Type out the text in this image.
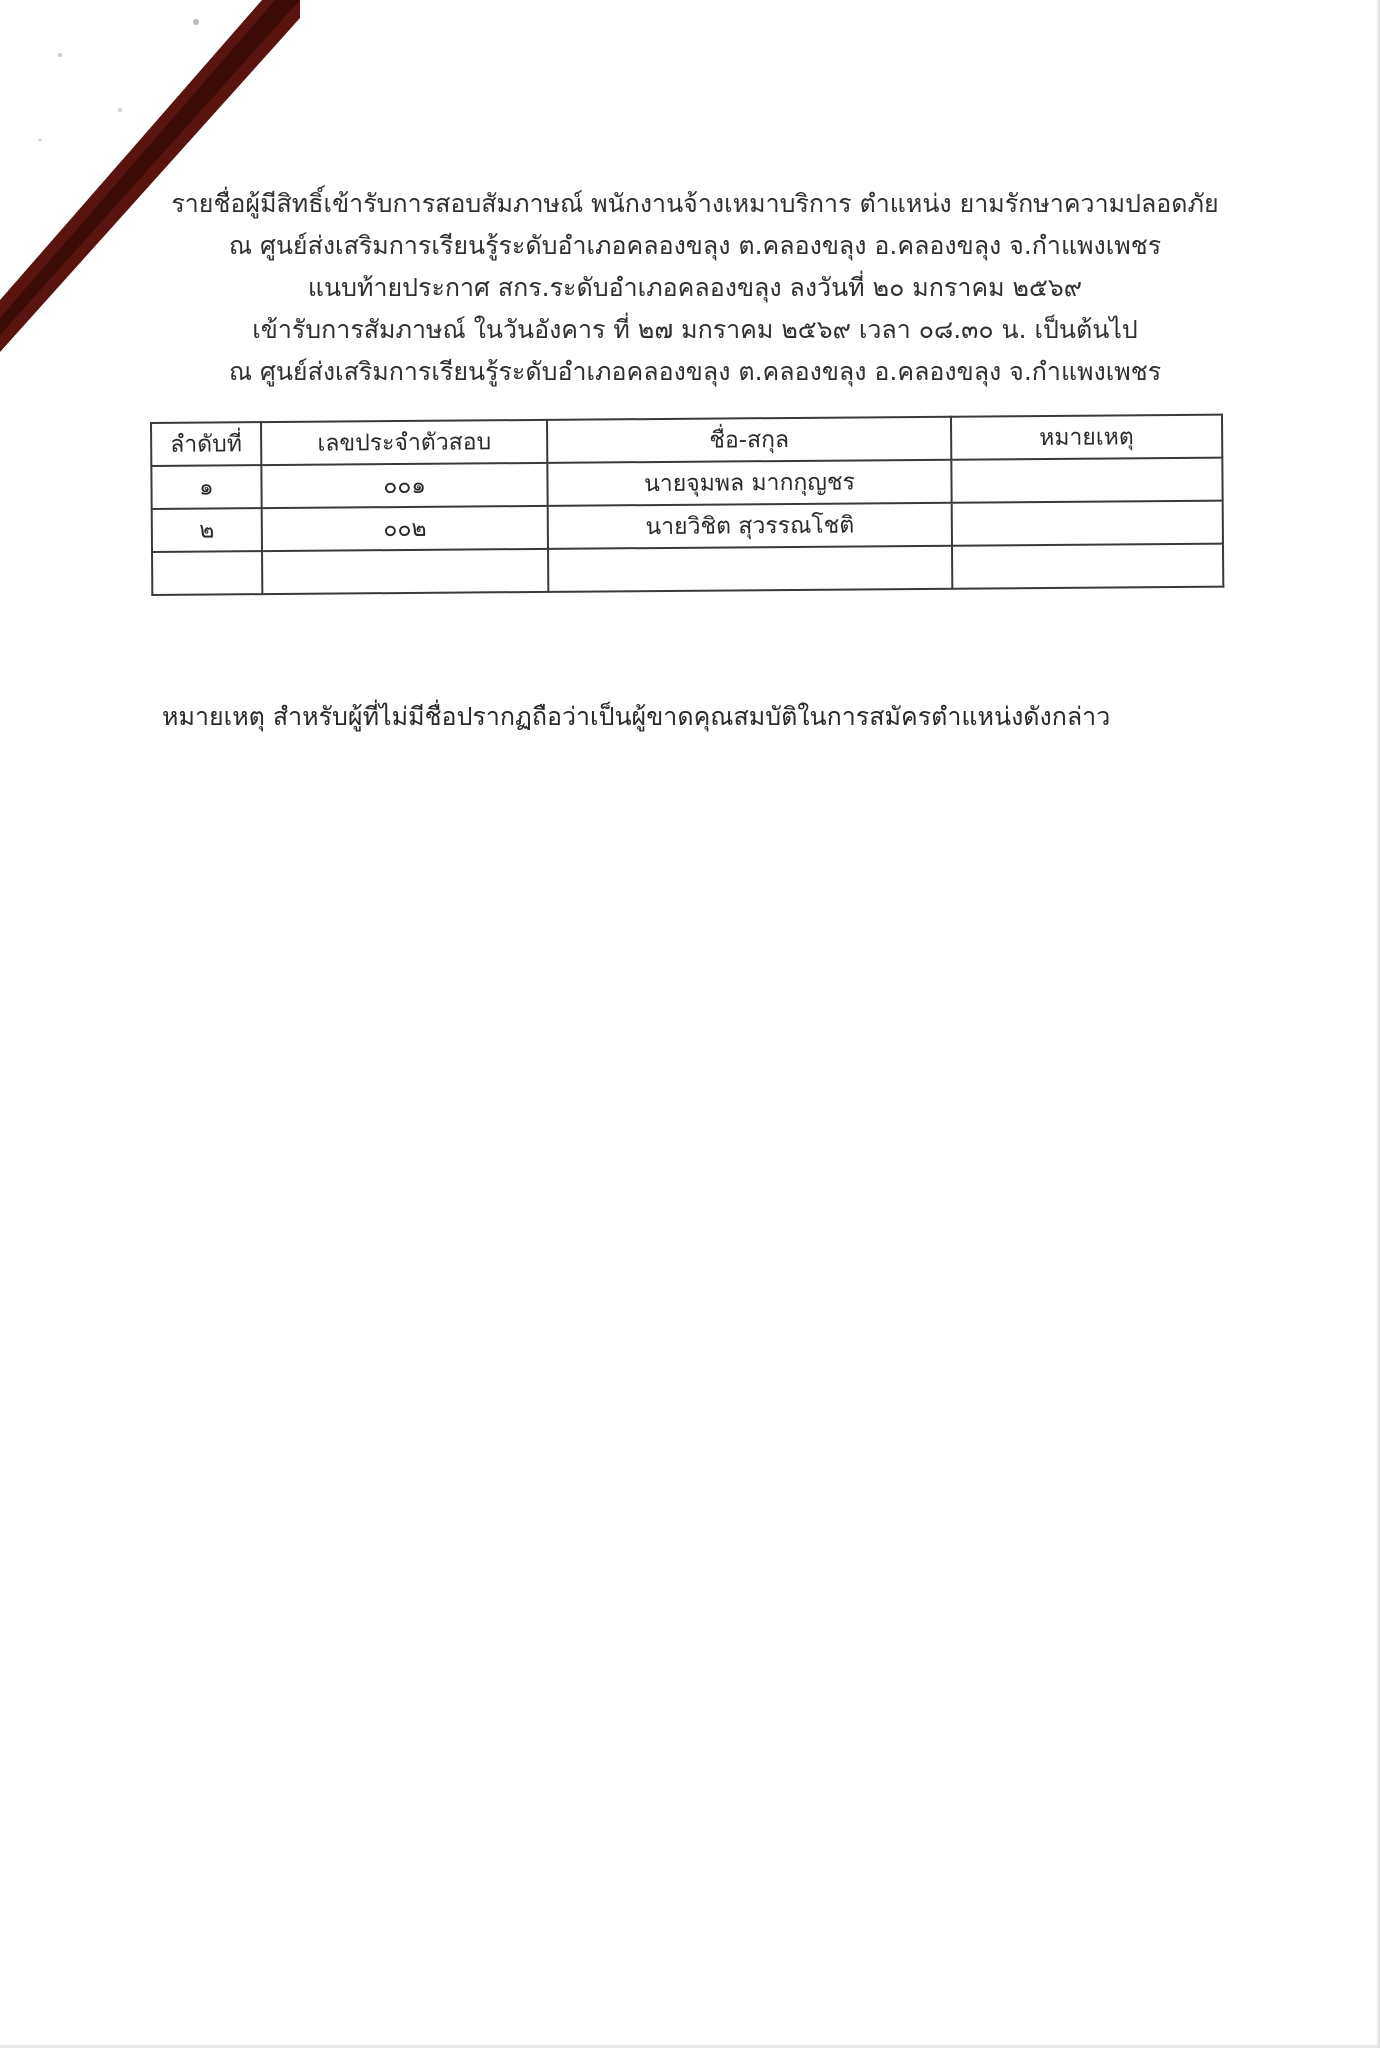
รายชื่อผู้มีสิทธิ์เข้ารับการสอบสัมภาษณ์ พนักงานจ้างเหมาบริการ ตำแหน่ง ยามรักษาความปลอดภัย
ณ ศูนย์ส่งเสริมการเรียนรู้ระดับอำเภอคลองขลุง ต.คลองขลุง อ.คลองขลุง จ.กำแพงเพชร
แนบท้ายประกาศ สกร.ระดับอำเภอคลองขลุง ลงวันที่ ๒๐ มกราคม ๒๕๖๙
เข้ารับการสัมภาษณ์ ในวันอังคาร ที่ ๒๗ มกราคม ๒๕๖๙ เวลา ๐๘.๓๐ น. เป็นต้นไป
ณ ศูนย์ส่งเสริมการเรียนรู้ระดับอำเภอคลองขลุง ต.คลองขลุง อ.คลองขลุง จ.กำแพงเพชร
ลำดับที่	เลขประจำตัวสอบ	ชื่อ-สกุล	หมายเหตุ
๑	๐๐๑	นายจุมพล มากกุญชร	
๒	๐๐๒	นายวิชิต สุวรรณโชติ	

หมายเหตุ สำหรับผู้ที่ไม่มีชื่อปรากฏถือว่าเป็นผู้ขาดคุณสมบัติในการสมัครตำแหน่งดังกล่าว
